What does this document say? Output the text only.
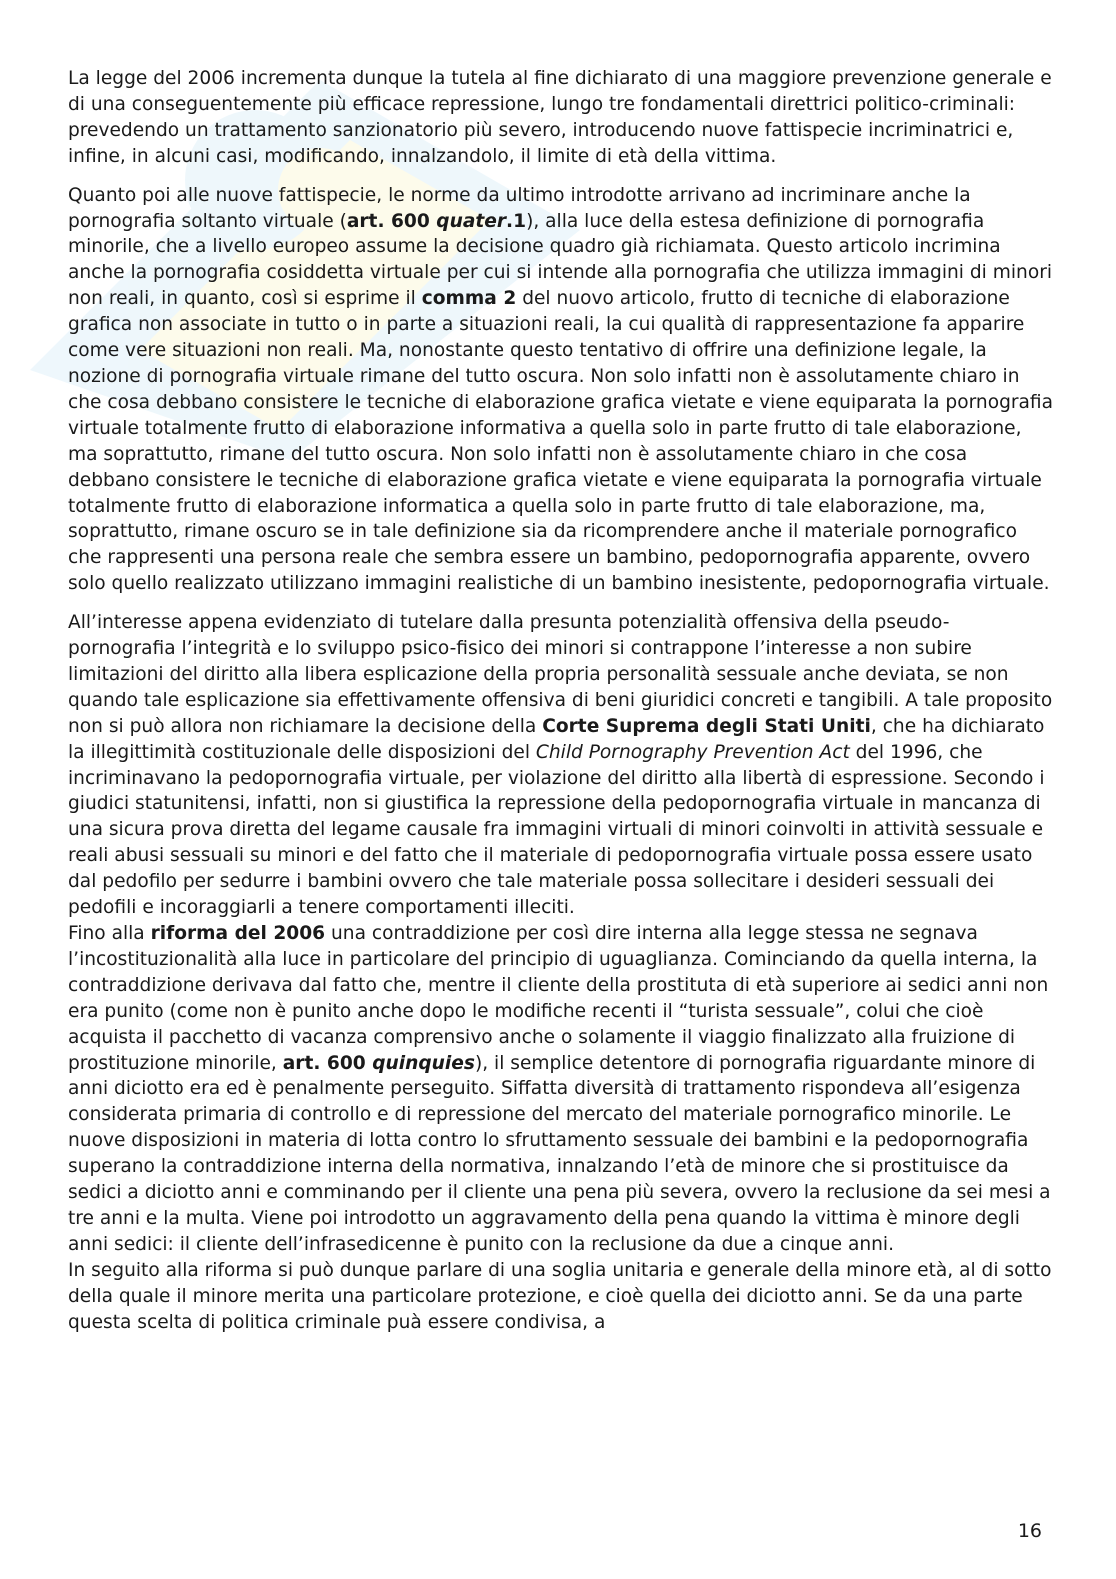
La legge del 2006 incrementa dunque la tutela al fine dichiarato di una maggiore prevenzione generale e di una conseguentemente più efficace repressione, lungo tre fondamentali direttrici politico-criminali: prevedendo un trattamento sanzionatorio più severo, introducendo nuove fattispecie incriminatrici e, infine, in alcuni casi, modificando, innalzandolo, il limite di età della vittima.

Quanto poi alle nuove fattispecie, le norme da ultimo introdotte arrivano ad incriminare anche la pornografia soltanto virtuale (art. 600 quater.1), alla luce della estesa definizione di pornografia minorile, che a livello europeo assume la decisione quadro già richiamata. Questo articolo incrimina anche la pornografia cosiddetta virtuale per cui si intende alla pornografia che utilizza immagini di minori non reali, in quanto, così si esprime il comma 2 del nuovo articolo, frutto di tecniche di elaborazione grafica non associate in tutto o in parte a situazioni reali, la cui qualità di rappresentazione fa apparire come vere situazioni non reali. Ma, nonostante questo tentativo di offrire una definizione legale, la nozione di pornografia virtuale rimane del tutto oscura. Non solo infatti non è assolutamente chiaro in che cosa debbano consistere le tecniche di elaborazione grafica vietate e viene equiparata la pornografia virtuale totalmente frutto di elaborazione informativa a quella solo in parte frutto di tale elaborazione, ma soprattutto, rimane del tutto oscura. Non solo infatti non è assolutamente chiaro in che cosa debbano consistere le tecniche di elaborazione grafica vietate e viene equiparata la pornografia virtuale totalmente frutto di elaborazione informatica a quella solo in parte frutto di tale elaborazione, ma, soprattutto, rimane oscuro se in tale definizione sia da ricomprendere anche il materiale pornografico che rappresenti una persona reale che sembra essere un bambino, pedopornografia apparente, ovvero solo quello realizzato utilizzano immagini realistiche di un bambino inesistente, pedopornografia virtuale.

All’interesse appena evidenziato di tutelare dalla presunta potenzialità offensiva della pseudo-pornografia l’integrità e lo sviluppo psico-fisico dei minori si contrappone l’interesse a non subire limitazioni del diritto alla libera esplicazione della propria personalità sessuale anche deviata, se non quando tale esplicazione sia effettivamente offensiva di beni giuridici concreti e tangibili. A tale proposito non si può allora non richiamare la decisione della Corte Suprema degli Stati Uniti, che ha dichiarato la illegittimità costituzionale delle disposizioni del Child Pornography Prevention Act del 1996, che incriminavano la pedopornografia virtuale, per violazione del diritto alla libertà di espressione. Secondo i giudici statunitensi, infatti, non si giustifica la repressione della pedopornografia virtuale in mancanza di una sicura prova diretta del legame causale fra immagini virtuali di minori coinvolti in attività sessuale e reali abusi sessuali su minori e del fatto che il materiale di pedopornografia virtuale possa essere usato dal pedofilo per sedurre i bambini ovvero che tale materiale possa sollecitare i desideri sessuali dei pedofili e incoraggiarli a tenere comportamenti illeciti.

Fino alla riforma del 2006 una contraddizione per così dire interna alla legge stessa ne segnava l’incostituzionalità alla luce in particolare del principio di uguaglianza. Cominciando da quella interna, la contraddizione derivava dal fatto che, mentre il cliente della prostituta di età superiore ai sedici anni non era punito (come non è punito anche dopo le modifiche recenti il “turista sessuale”, colui che cioè acquista il pacchetto di vacanza comprensivo anche o solamente il viaggio finalizzato alla fruizione di prostituzione minorile, art. 600 quinquies), il semplice detentore di pornografia riguardante minore di anni diciotto era ed è penalmente perseguito. Siffatta diversità di trattamento rispondeva all’esigenza considerata primaria di controllo e di repressione del mercato del materiale pornografico minorile. Le nuove disposizioni in materia di lotta contro lo sfruttamento sessuale dei bambini e la pedopornografia superano la contraddizione interna della normativa, innalzando l’età de minore che si prostituisce da sedici a diciotto anni e comminando per il cliente una pena più severa, ovvero la reclusione da sei mesi a tre anni e la multa. Viene poi introdotto un aggravamento della pena quando la vittima è minore degli anni sedici: il cliente dell’infrasedicenne è punito con la reclusione da due a cinque anni.

In seguito alla riforma si può dunque parlare di una soglia unitaria e generale della minore età, al di sotto della quale il minore merita una particolare protezione, e cioè quella dei diciotto anni. Se da una parte questa scelta di politica criminale puà essere condivisa, a

16
